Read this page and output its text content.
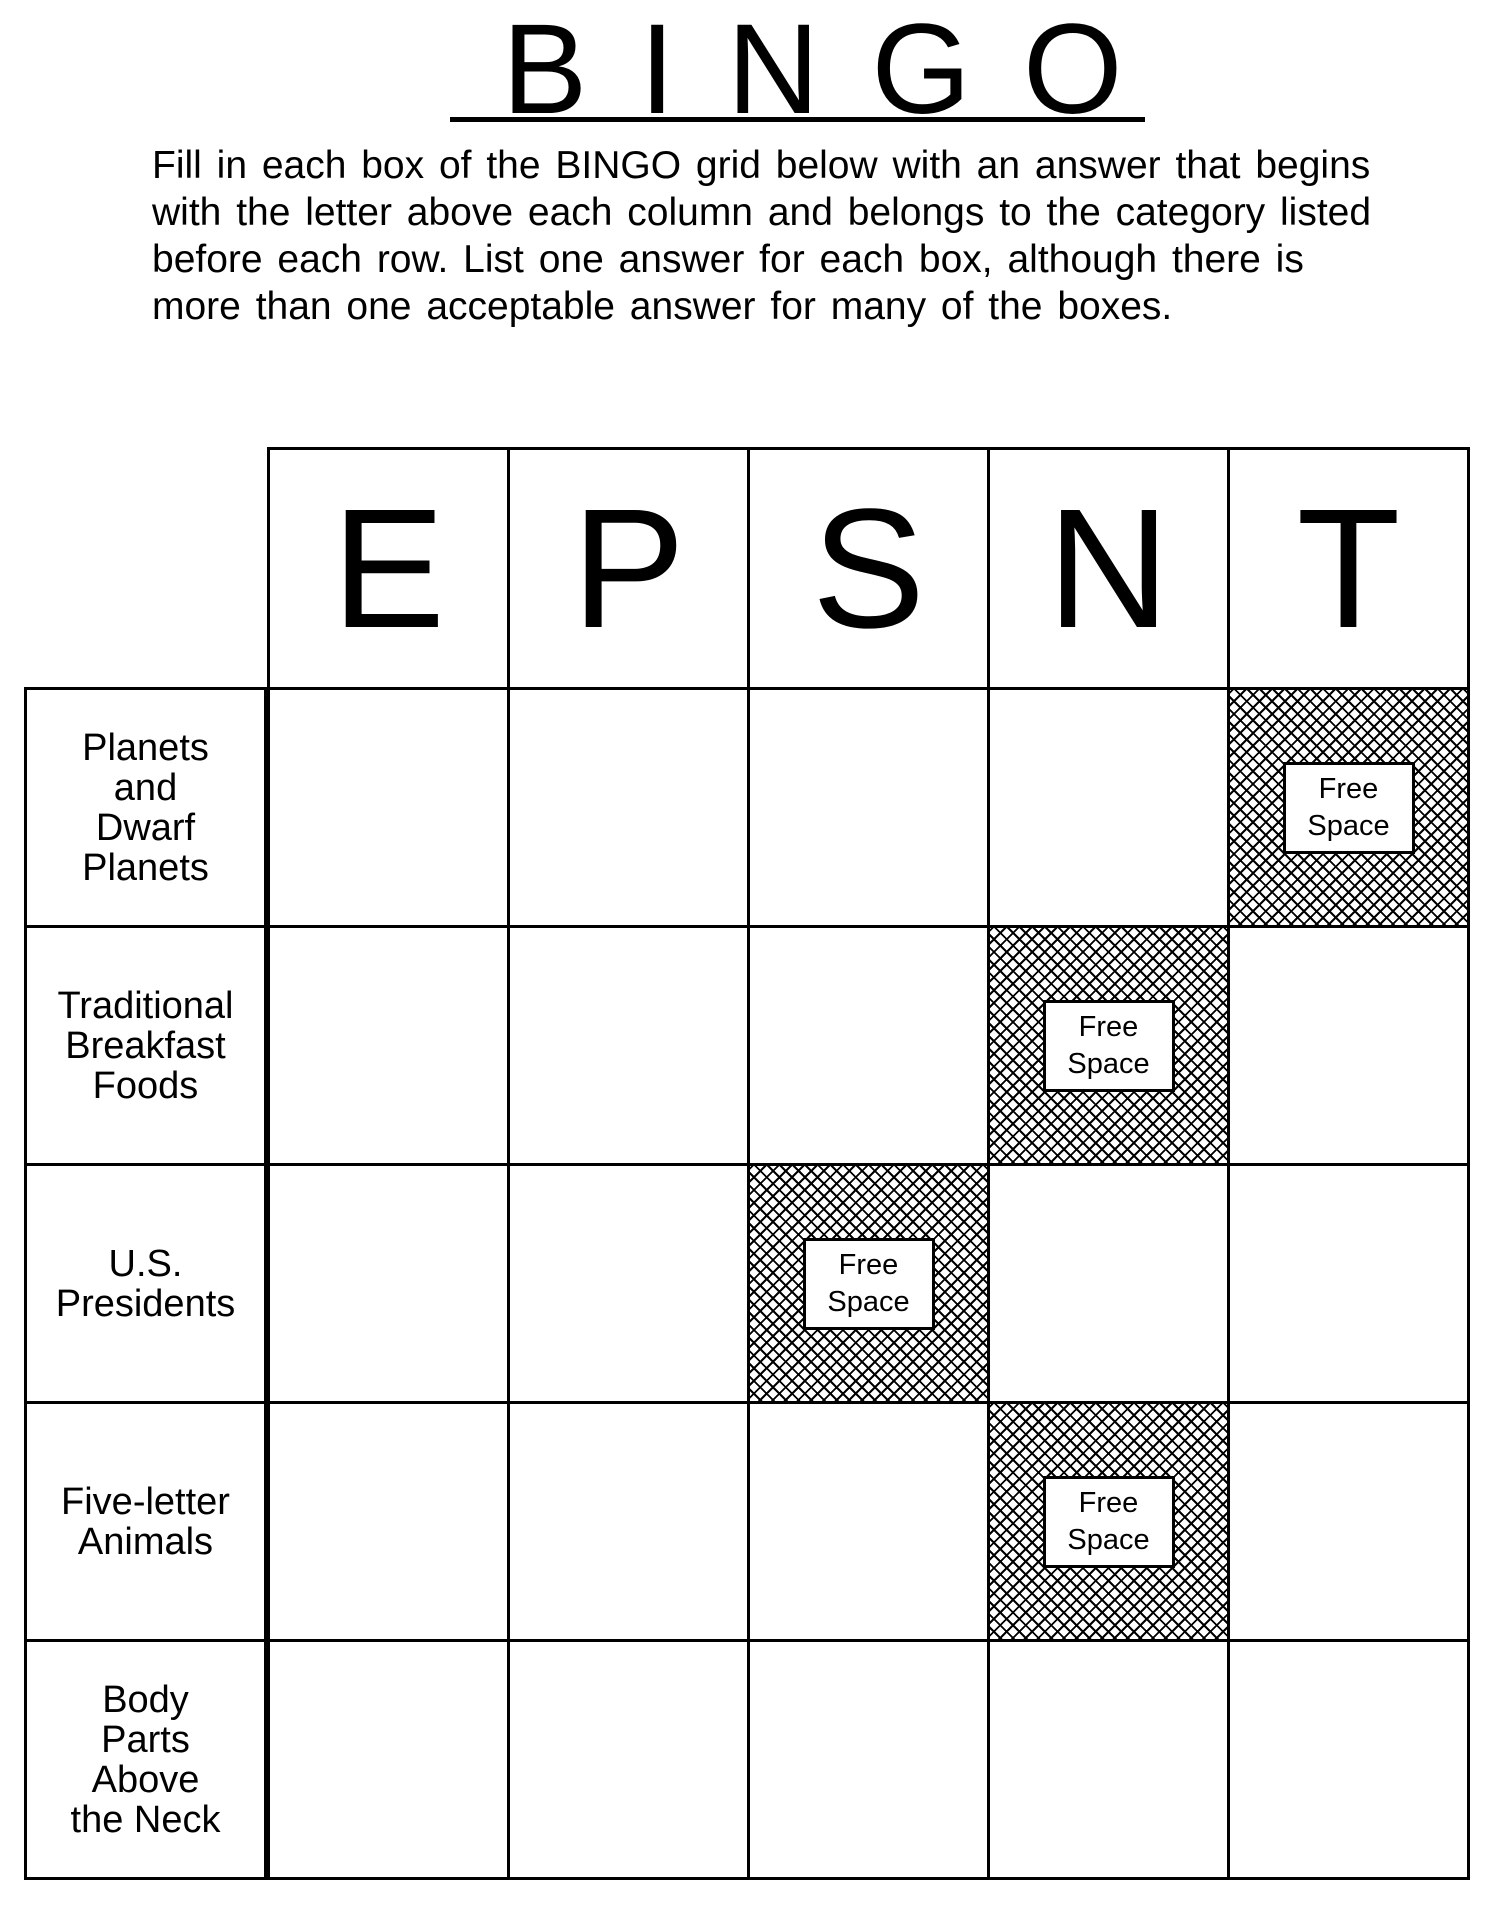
BINGO
Fill in each box of the BINGO grid below with an answer that begins
with the letter above each column and belongs to the category listed
before each row. List one answer for each box, although there is
more than one acceptable answer for many of the boxes.
E P S N T
Planets
and
Dwarf
Planets
Free
Space
Traditional
Breakfast
Foods
Free
Space
U.S.
Presidents
Free
Space
Five-letter
Animals
Free
Space
Body
Parts
Above
the Neck
